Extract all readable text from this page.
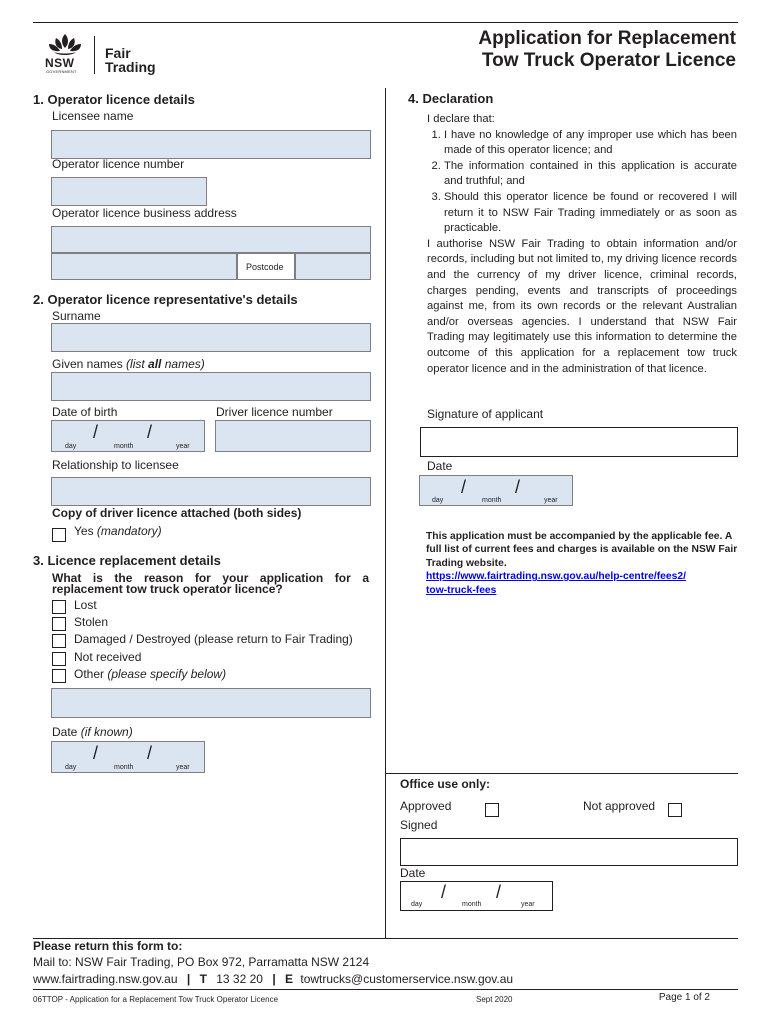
NSW
GOVERNMENT
Fair
Trading
Application for Replacement
Tow Truck Operator Licence
1. Operator licence details
Licensee name
Operator licence number
Operator licence business address
Postcode
2. Operator licence representative's details
Surname
Given names (list all names)
Date of birth	Driver licence number
/	/
day	month	year
Relationship to licensee
Copy of driver licence attached (both sides)
Yes (mandatory)
3. Licence replacement details
What is the reason for your application for a
replacement tow truck operator licence?
Lost
Stolen
Damaged / Destroyed (please return to Fair Trading)
Not received
Other (please specify below)
Date (if known)
/	/
day	month	year
4. Declaration

I declare that:

1. I have no knowledge of any improper use which has been made of this operator licence; and
2. The information contained in this application is accurate and truthful; and
3. Should this operator licence be found or recovered I will return it to NSW Fair Trading immediately or as soon as practicable.

I authorise NSW Fair Trading to obtain information and/or records, including but not limited to, my driving licence records and the currency of my driver licence, criminal records, charges pending, events and transcripts of proceedings against me, from its own records or the relevant Australian and/or overseas agencies. I understand that NSW Fair Trading may legitimately use this information to determine the outcome of this application for a replacement tow truck operator licence and in the administration of that licence.

Signature of applicant
Date
/	/
day	month	year
This application must be accompanied by the applicable fee. A full list of current fees and charges is available on the NSW Fair Trading website.
https://www.fairtrading.nsw.gov.au/help-centre/fees2/
tow-truck-fees
Office use only:
Approved	Not approved
Signed
Date
/	/
day	month	year
Please return this form to:
Mail to: NSW Fair Trading, PO Box 972, Parramatta NSW 2124
www.fairtrading.nsw.gov.au | T 13 32 20 | E towtrucks@customerservice.nsw.gov.au
06TTOP - Application for a Replacement Tow Truck Operator Licence	Sept 2020	Page 1 of 2
